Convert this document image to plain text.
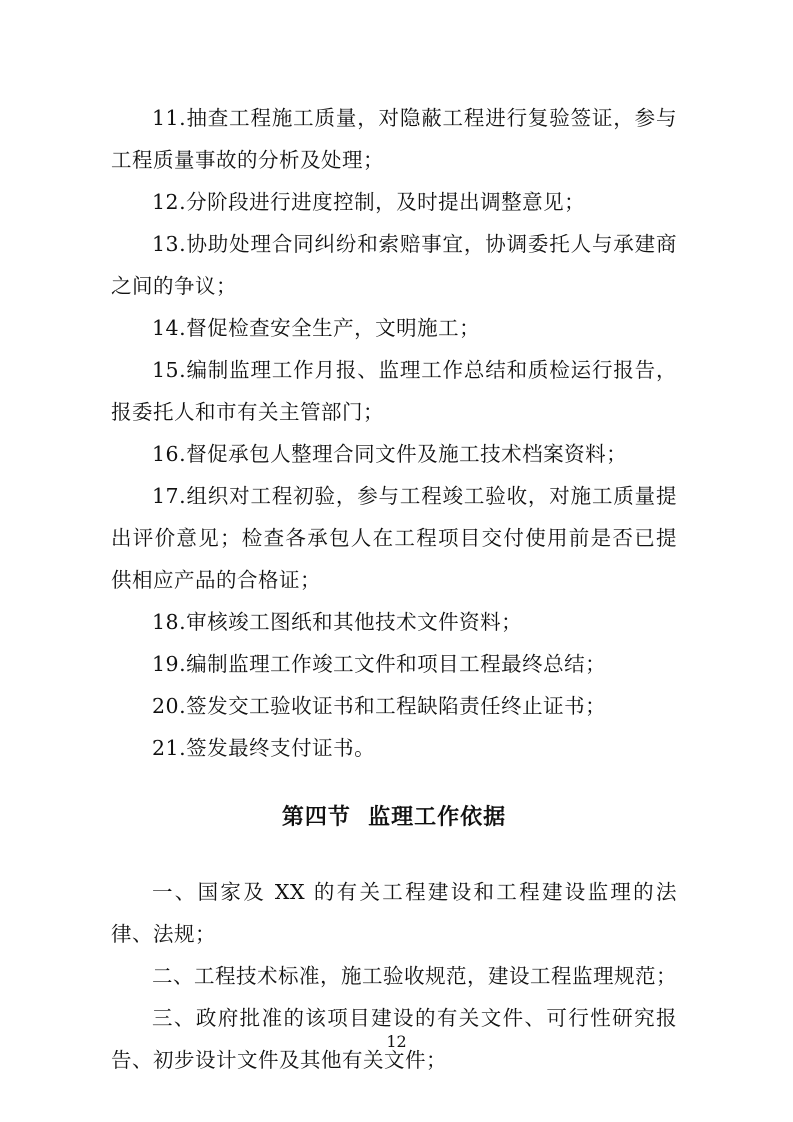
11.抽查工程施工质量，对隐蔽工程进行复验签证，参与工程质量事故的分析及处理；

12.分阶段进行进度控制，及时提出调整意见；

13.协助处理合同纠纷和索赔事宜，协调委托人与承建商之间的争议；

14.督促检查安全生产，文明施工；

15.编制监理工作月报、监理工作总结和质检运行报告，报委托人和市有关主管部门；

16.督促承包人整理合同文件及施工技术档案资料；

17.组织对工程初验，参与工程竣工验收，对施工质量提出评价意见；检查各承包人在工程项目交付使用前是否已提供相应产品的合格证；

18.审核竣工图纸和其他技术文件资料；

19.编制监理工作竣工文件和项目工程最终总结；

20.签发交工验收证书和工程缺陷责任终止证书；

21.签发最终支付证书。

第四节  监理工作依据

一、国家及 XX 的有关工程建设和工程建设监理的法律、法规；

二、工程技术标准，施工验收规范，建设工程监理规范；

三、政府批准的该项目建设的有关文件、可行性研究报告、初步设计文件及其他有关文件；

12
